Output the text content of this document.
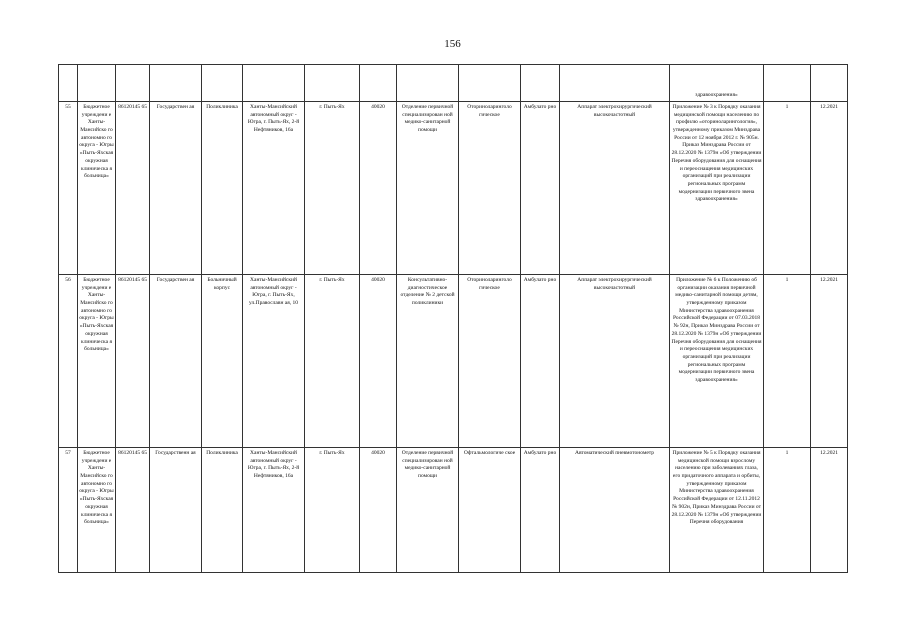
156
												здравоохранения»		
55	Бюджетное учреждени е Ханты-Мансийско го автономно го округа - Югры «Пыть-Яхская окружная клиническа я больница»	86120145 65	Государствен ая	Поликлиника	Ханты-Мансийский автономный округ - Югра, г. Пыть-Ях, 2-й Нефтяников, 16а	г. Пыть-Ях	40020	Отделение первичной специализирован ной медико-санитарной помощи	Оториноларинголо гическое	Амбулато рно	Аппарат электрохирургический высокочастотный	Приложение № 3 к Порядку оказания медицинской помощи населению по профилю «оториноларингология», утвержденному приказом Минздрава России от 12 ноября 2012 г. № 905н. Приказ Минздрава России от 28.12.2020 № 1379н «Об утверждении Перечня оборудования для оснащения и переоснащения медицинских организаций при реализации региональных программ модернизации первичного звена здравоохранения»	1	12.2021
56	Бюджетное учреждени е Ханты-Мансийско го автономно го округа - Югры «Пыть-Яхская окружная клиническа я больница»	86120145 65	Государствен ая	Больничный корпус	Ханты-Мансийский автономный округ - Югра, г. Пыть-Ях, ул.Православн ая, 10	г. Пыть-Ях	40020	Консультативно-диагностическое отделение № 2 детской поликлиники	Оториноларинголо гическое	Амбулато рно	Аппарат электрохирургический высокочастотный	Приложение № 6 к Положению об организации оказания первичной медико-санитарной помощи детям, утвержденному приказом Министерства здравоохранения Российской Федерации от 07.03.2018 № 92н, Приказ Минздрава России от 28.12.2020 № 1379н «Об утверждении Перечня оборудования для оснащения и переоснащения медицинских организаций при реализации региональных программ модернизации первичного звена здравоохранения»	1	12.2021
57	Бюджетное учреждени е Ханты-Мансийско го автономно го округа - Югры «Пыть-Яхская окружная клиническа я больница»	86120145 65	Государственн ая	Поликлиника	Ханты-Мансийский автономный округ - Югра, г. Пыть-Ях, 2-й Нефтяников, 16а	г. Пыть-Ях	40020	Отделение первичной специализирован ной медико-санитарной помощи	Офтальмологиче ское	Амбулато рно	Автоматический пневмотонометр	Приложение № 5 к Порядку оказания медицинской помощи взрослому населению при заболеваниях глаза, его придаточного аппарата и орбиты, утвержденному приказом Министерства здравоохранения Российской Федерации от 12.11.2012 № 902н, Приказ Минздрава России от 28.12.2020 № 1379н «Об утверждении Перечня оборудования	1	12.2021
